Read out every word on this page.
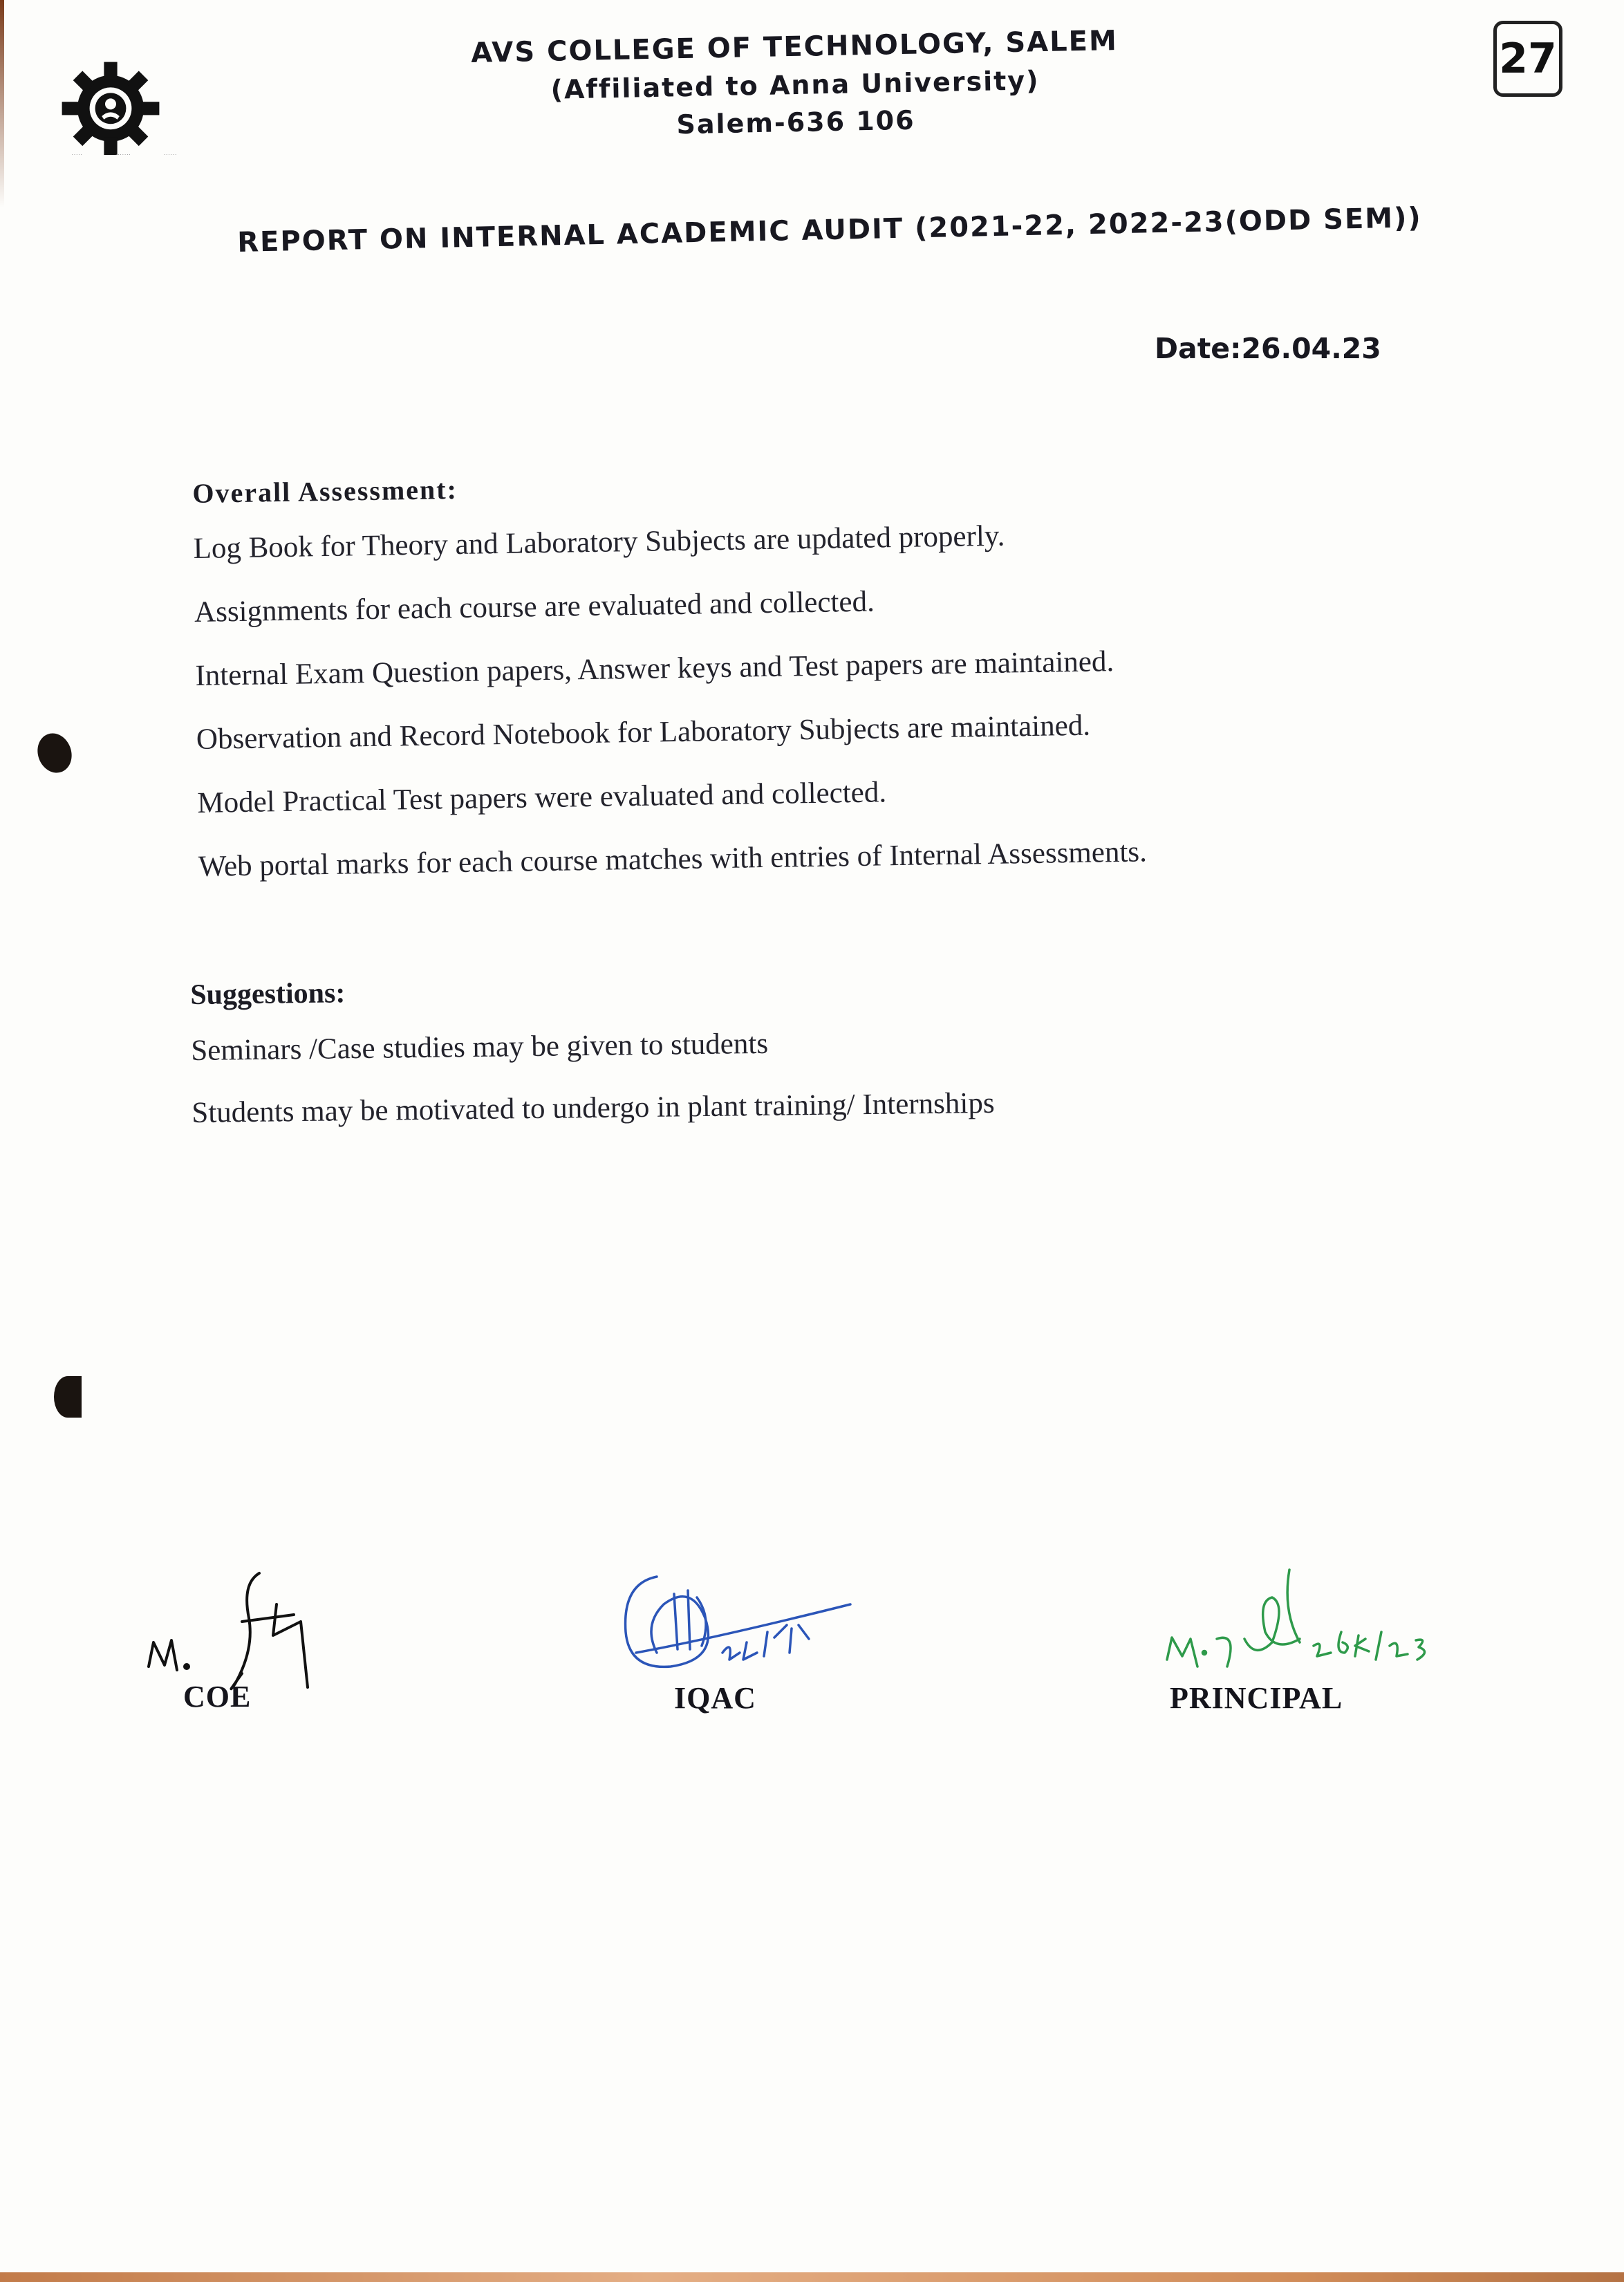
·····	·······	······
27
AVS COLLEGE OF TECHNOLOGY, SALEM
(Affiliated to Anna University)
Salem-636 106
REPORT ON INTERNAL ACADEMIC AUDIT (2021-22, 2022-23(ODD SEM))
Date:26.04.23
Overall Assessment:
Log Book for Theory and Laboratory Subjects are updated properly.
Assignments for each course are evaluated and collected.
Internal Exam Question papers, Answer keys and Test papers are maintained.
Observation and Record Notebook for Laboratory Subjects are maintained.
Model Practical Test papers were evaluated and collected.
Web portal marks for each course matches with entries of Internal Assessments.
Suggestions:
Seminars /Case studies may be given to students
Students may be motivated to undergo in plant training/ Internships
COE	IQAC	PRINCIPAL
